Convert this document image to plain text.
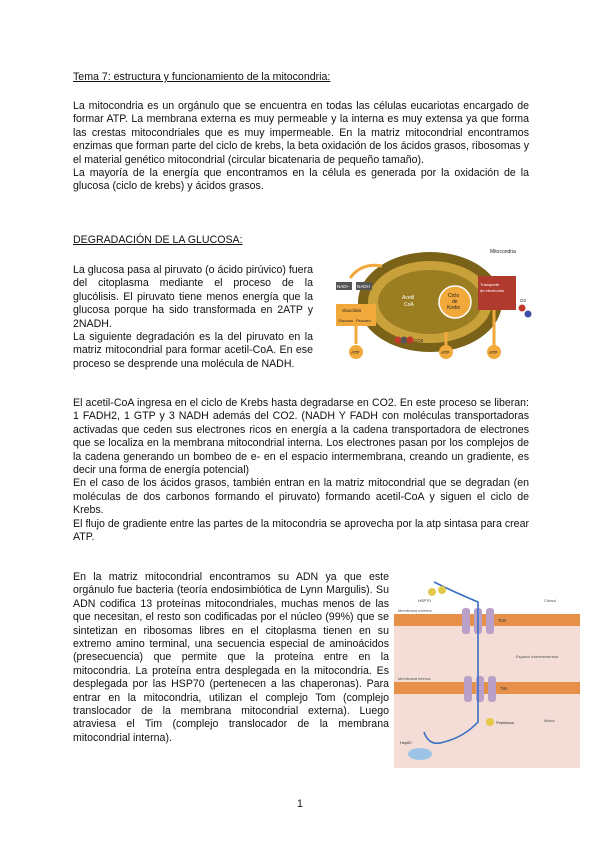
Tema 7: estructura y funcionamiento de la mitocondria:

La mitocondria es un orgánulo que se encuentra en todas las células eucariotas encargado de formar ATP. La membrana externa es muy permeable y la interna es muy extensa ya que forma las crestas mitocondriales que es muy impermeable. En la matriz mitocondrial encontramos enzimas que forman parte del ciclo de krebs, la beta oxidación de los ácidos grasos, ribosomas y el material genético mitocondrial (circular bicatenaria de pequeño tamaño).

La mayoría de la energía que encontramos en la célula es generada por la oxidación de la glucosa (ciclo de krebs) y ácidos grasos.

DEGRADACIÓN DE LA GLUCOSA:

La glucosa pasa al piruvato (o ácido pirúvico) fuera del citoplasma mediante el proceso de la glucólisis. El piruvato tiene menos energía que la glucosa porque ha sido transformada en 2ATP y 2NADH.

La siguiente degradación es la del piruvato en la matriz mitocondrial para formar acetil-CoA. En ese proceso se desprende una molécula de NADH.

Mitocondria
NAD+ NADH
Glucólisis
Glucosa Piruvato
Acetil
CoA
Ciclo
de
Krebs
Transporte
de electrones
ATP	ATP	ATP
CO2
O2

El acetil-CoA ingresa en el ciclo de Krebs hasta degradarse en CO2. En este proceso se liberan: 1 FADH2, 1 GTP y 3 NADH además del CO2. (NADH Y FADH con moléculas transportadoras activadas que ceden sus electrones ricos en energía a la cadena transportadora de electrones que se localiza en la membrana mitocondrial interna. Los electrones pasan por los complejos de la cadena generando un bombeo de e- en el espacio intermembrana, creando un gradiente, es decir una forma de energía potencial)

En el caso de los ácidos grasos, también entran en la matriz mitocondrial que se degradan (en moléculas de dos carbonos formando el piruvato) formando acetil-CoA y siguen el ciclo de Krebs.

El flujo de gradiente entre las partes de la mitocondria se aprovecha por la atp sintasa para crear ATP.

En la matriz mitocondrial encontramos su ADN ya que este orgánulo fue bacteria (teoría endosimbiótica de Lynn Margulis). Su ADN codifica 13 proteínas mitocondriales, muchas menos de las que necesitan, el resto son codificadas por el núcleo (99%) que se sintetizan en ribosomas libres en el citoplasma tienen en su extremo amino terminal, una secuencia especial de aminoácidos (presecuencia) que permite que la proteína entre en la mitocondria. La proteína entra desplegada en la mitocondria. Es desplegada por las HSP70 (pertenecen a las chaperonas). Para entrar en la mitocondria, utilizan el complejo Tom (complejo translocador de la membrana mitocondrial externa). Luego atraviesa el Tim (complejo translocador de la membrana mitocondrial interna).

Citosol
Membrana externa
Espacio intermembrana
Membrana interna
Matriz
Tom
Tim
HSP70
Peptidasa
Hsp60
1
